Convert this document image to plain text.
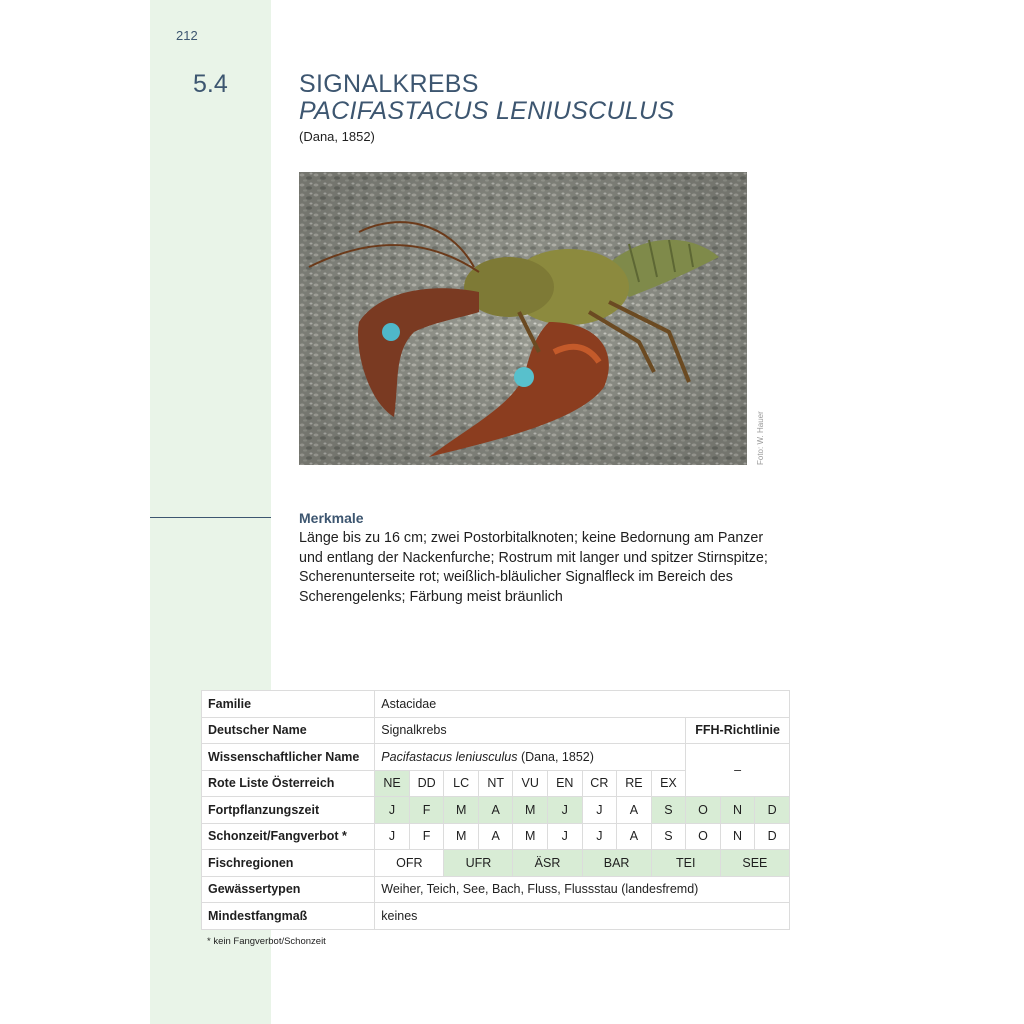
212
5.4	SIGNALKREBS
PACIFASTACUS LENIUSCULUS
(Dana, 1852)
Foto: W. Hauer
Merkmale
Länge bis zu 16 cm; zwei Postorbitalknoten; keine Bedornung am Panzer und entlang der Nackenfurche; Rostrum mit langer und spitzer Stirnspitze; Scherenunterseite rot; weißlich-bläulicher Signalfleck im Bereich des Scherengelenks; Färbung meist bräunlich
Familie	Astacidae											
Deutscher Name	Signalkrebs									FFH-Richtlinie		
Wissenschaftlicher Name	Pacifastacus leniusculus (Dana, 1852)									–		
Rote Liste Österreich	NE	DD	LC	NT	VU	EN	CR	RE	EX			
Fortpflanzungszeit	J	F	M	A	M	J	J	A	S	O	N	D
Schonzeit/Fangverbot *	J	F	M	A	M	J	J	A	S	O	N	D
Fischregionen	OFR		UFR		ÄSR		BAR		TEI		SEE	
Gewässertypen	Weiher, Teich, See, Bach, Fluss, Flussstau (landesfremd)											
Mindestfangmaß	keines											
* kein Fangverbot/Schonzeit
